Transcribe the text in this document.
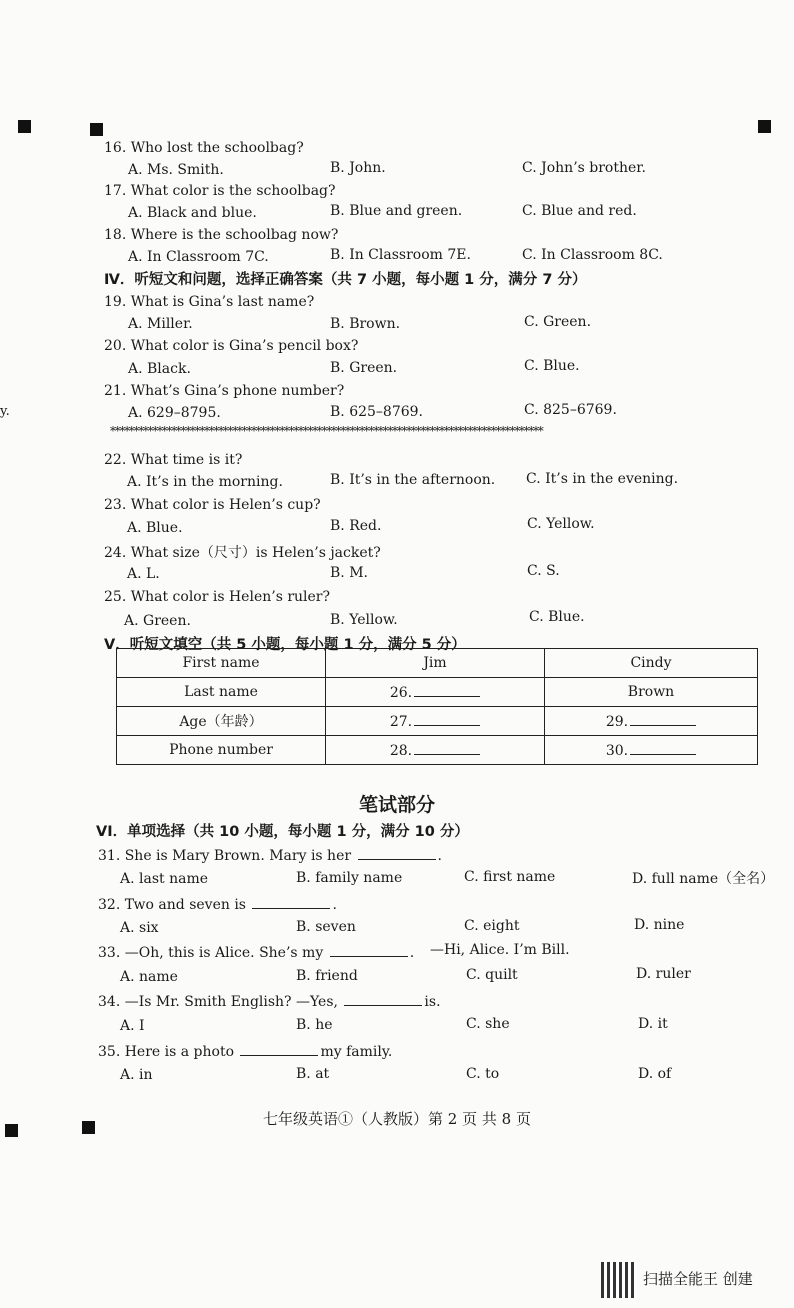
y.
16. Who lost the schoolbag?
A. Ms. Smith.	B. John.	C. John’s brother.
17. What color is the schoolbag?
A. Black and blue.	B. Blue and green.	C. Blue and red.
18. Where is the schoolbag now?
A. In Classroom 7C.	B. In Classroom 7E.	C. In Classroom 8C.
Ⅳ．听短文和问题，选择正确答案（共 7 小题，每小题 1 分，满分 7 分）
19. What is Gina’s last name?
A. Miller.	B. Brown.	C. Green.
20. What color is Gina’s pencil box?
A. Black.	B. Green.	C. Blue.
21. What’s Gina’s phone number?
A. 629–8795.	B. 625–8769.	C. 825–6769.
********************************************************************************************
22. What time is it?
A. It’s in the morning.	B. It’s in the afternoon. C. It’s in the evening.
23. What color is Helen’s cup?
A. Blue.	B. Red.	C. Yellow.
24. What size（尺寸）is Helen’s jacket?
A. L.	B. M.	C. S.
25. What color is Helen’s ruler?
A. Green.	B. Yellow.	C. Blue.
V．听短文填空（共 5 小题，每小题 1 分，满分 5 分）
First name	Jim	Cindy
Last name	26.	Brown
Age（年龄）	27.	29.
Phone number	28.	30.
笔试部分
VI．单项选择（共 10 小题，每小题 1 分，满分 10 分）
31. She is Mary Brown. Mary is her	.
A. last name	B. family name	C. first name	D. full name（全名）
32. Two and seven is	.
A. six	B. seven	C. eight	D. nine
33. —Oh, this is Alice. She’s my	. —Hi, Alice. I’m Bill.
A. name	B. friend	C. quilt	D. ruler
34. —Is Mr. Smith English? —Yes,	is.
A. I	B. he	C. she	D. it
35. Here is a photo	my family.
A. in	B. at	C. to	D. of
七年级英语①（人教版）第 2 页 共 8 页
扫描全能王 创建
